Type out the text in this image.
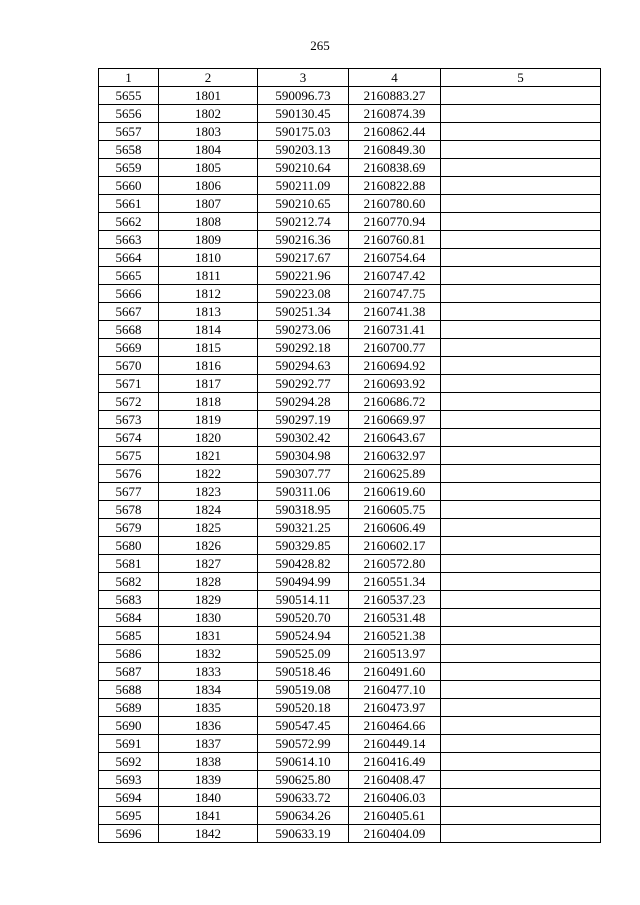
265
1	2	3	4	5
5655	1801	590096.73	2160883.27	
5656	1802	590130.45	2160874.39	
5657	1803	590175.03	2160862.44	
5658	1804	590203.13	2160849.30	
5659	1805	590210.64	2160838.69	
5660	1806	590211.09	2160822.88	
5661	1807	590210.65	2160780.60	
5662	1808	590212.74	2160770.94	
5663	1809	590216.36	2160760.81	
5664	1810	590217.67	2160754.64	
5665	1811	590221.96	2160747.42	
5666	1812	590223.08	2160747.75	
5667	1813	590251.34	2160741.38	
5668	1814	590273.06	2160731.41	
5669	1815	590292.18	2160700.77	
5670	1816	590294.63	2160694.92	
5671	1817	590292.77	2160693.92	
5672	1818	590294.28	2160686.72	
5673	1819	590297.19	2160669.97	
5674	1820	590302.42	2160643.67	
5675	1821	590304.98	2160632.97	
5676	1822	590307.77	2160625.89	
5677	1823	590311.06	2160619.60	
5678	1824	590318.95	2160605.75	
5679	1825	590321.25	2160606.49	
5680	1826	590329.85	2160602.17	
5681	1827	590428.82	2160572.80	
5682	1828	590494.99	2160551.34	
5683	1829	590514.11	2160537.23	
5684	1830	590520.70	2160531.48	
5685	1831	590524.94	2160521.38	
5686	1832	590525.09	2160513.97	
5687	1833	590518.46	2160491.60	
5688	1834	590519.08	2160477.10	
5689	1835	590520.18	2160473.97	
5690	1836	590547.45	2160464.66	
5691	1837	590572.99	2160449.14	
5692	1838	590614.10	2160416.49	
5693	1839	590625.80	2160408.47	
5694	1840	590633.72	2160406.03	
5695	1841	590634.26	2160405.61	
5696	1842	590633.19	2160404.09	
